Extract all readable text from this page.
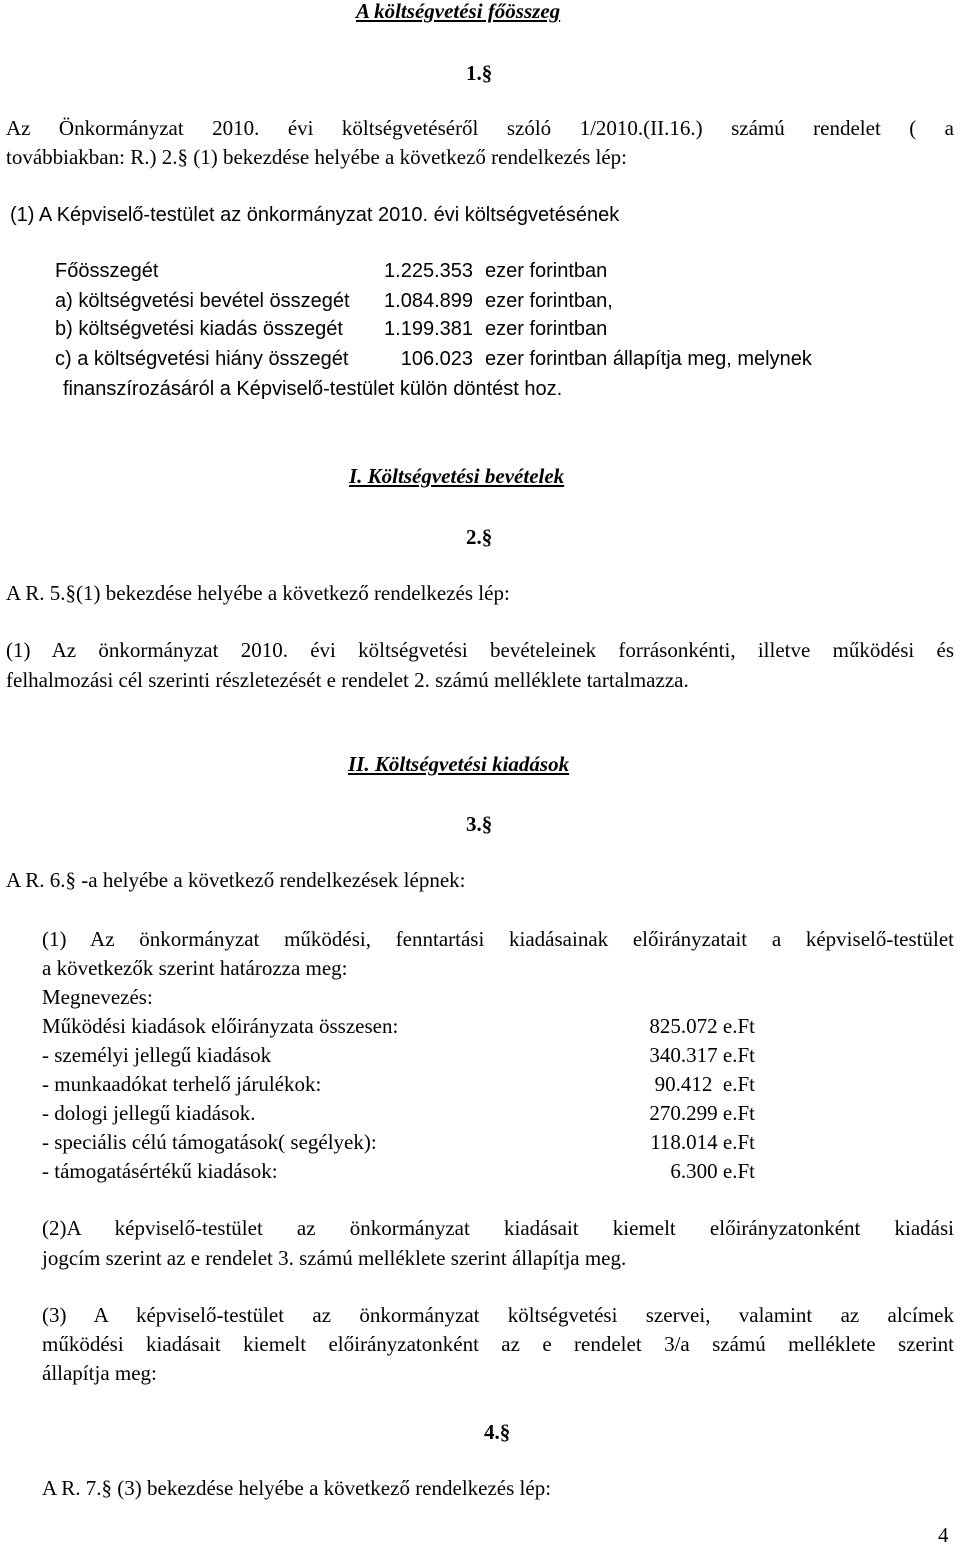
A költségvetési főösszeg
1.§
Az Önkormányzat 2010. évi költségvetéséről szóló 1/2010.(II.16.) számú rendelet ( a
továbbiakban: R.) 2.§ (1) bekezdése helyébe a következő rendelkezés lép:
(1) A Képviselő-testület az önkormányzat 2010. évi költségvetésének
Főösszegét	1.225.353 ezer forintban
a) költségvetési bevétel összegét	1.084.899 ezer forintban,
b) költségvetési kiadás összegét	1.199.381 ezer forintban
c) a költségvetési hiány összegét	106.023 ezer forintban állapítja meg, melynek
finanszírozásáról a Képviselő-testület külön döntést hoz.
I. Költségvetési bevételek
2.§
A R. 5.§(1) bekezdése helyébe a következő rendelkezés lép:
(1) Az önkormányzat 2010. évi költségvetési bevételeinek forrásonkénti, illetve működési és
felhalmozási cél szerinti részletezését e rendelet 2. számú melléklete tartalmazza.
II. Költségvetési kiadások
3.§
A R. 6.§ -a helyébe a következő rendelkezések lépnek:
(1) Az önkormányzat működési, fenntartási kiadásainak előirányzatait a képviselő-testület
a következők szerint határozza meg:
Megnevezés:
Működési kiadások előirányzata összesen:	825.072 e.Ft
- személyi jellegű kiadások	340.317 e.Ft
- munkaadókat terhelő járulékok:	90.412  e.Ft
- dologi jellegű kiadások.	270.299 e.Ft
- speciális célú támogatások( segélyek):	118.014 e.Ft
- támogatásértékű kiadások:	6.300 e.Ft
(2)A képviselő-testület az önkormányzat kiadásait kiemelt előirányzatonként kiadási
jogcím szerint az e rendelet 3. számú melléklete szerint állapítja meg.
(3) A képviselő-testület az önkormányzat költségvetési szervei, valamint az alcímek
működési kiadásait kiemelt előirányzatonként az e rendelet 3/a számú melléklete szerint
állapítja meg:
4.§
A R. 7.§ (3) bekezdése helyébe a következő rendelkezés lép:
4
